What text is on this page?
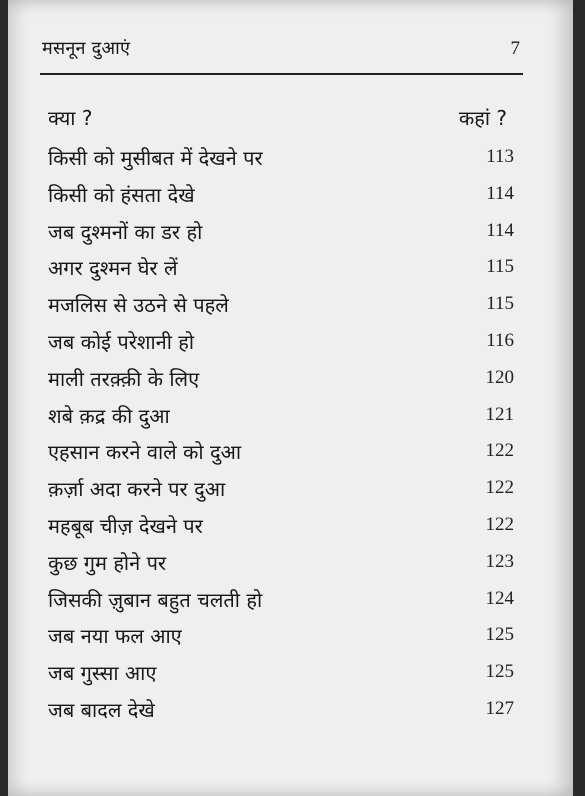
मसनून दुआएं	7
क्या ?	कहां ?
किसी को मुसीबत में देखने पर	113
किसी को हंसता देखे	114
जब दुश्मनों का डर हो	114
अगर दुश्मन घेर लें	115
मजलिस से उठने से पहले	115
जब कोई परेशानी हो	116
माली तरक़्क़ी के लिए	120
शबे क़द्र की दुआ	121
एहसान करने वाले को दुआ	122
क़र्ज़ा अदा करने पर दुआ	122
महबूब चीज़ देखने पर	122
कुछ गुम होने पर	123
जिसकी ज़ुबान बहुत चलती हो	124
जब नया फल आए	125
जब गुस्सा आए	125
जब बादल देखे	127
